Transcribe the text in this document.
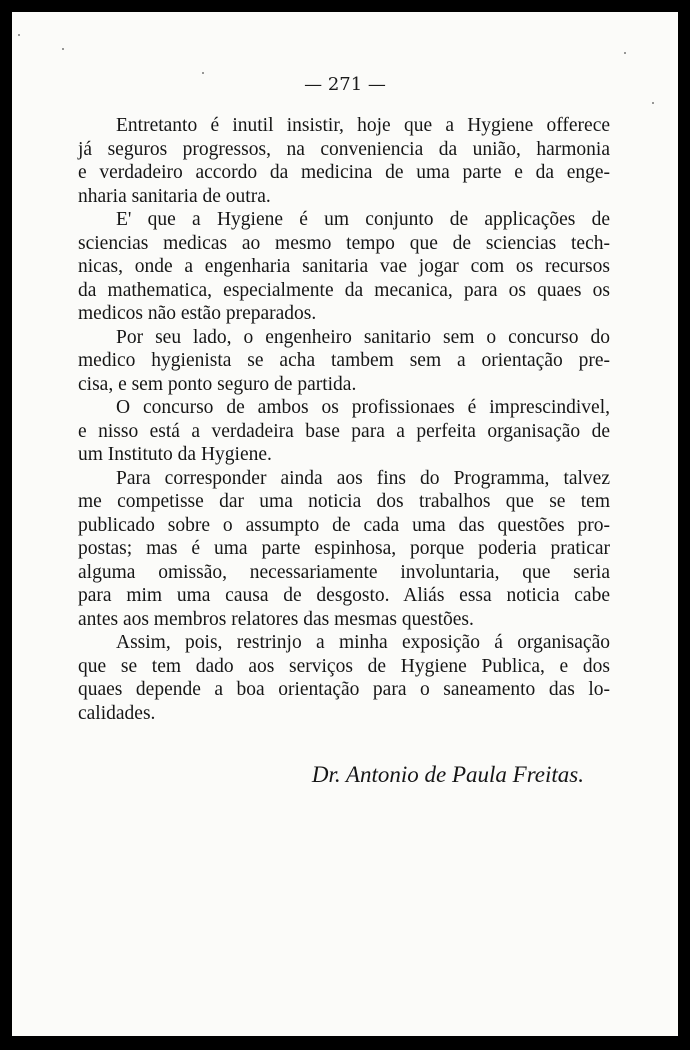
— 271 —
Entretanto é inutil insistir, hoje que a Hygiene offerece
já seguros progressos, na conveniencia da união, harmonia
e verdadeiro accordo da medicina de uma parte e da enge-
nharia sanitaria de outra.
E' que a Hygiene é um conjunto de applicações de
sciencias medicas ao mesmo tempo que de sciencias tech-
nicas, onde a engenharia sanitaria vae jogar com os recursos
da mathematica, especialmente da mecanica, para os quaes os
medicos não estão preparados.
Por seu lado, o engenheiro sanitario sem o concurso do
medico hygienista se acha tambem sem a orientação pre-
cisa, e sem ponto seguro de partida.
O concurso de ambos os profissionaes é imprescindivel,
e nisso está a verdadeira base para a perfeita organisação de
um Instituto da Hygiene.
Para corresponder ainda aos fins do Programma, talvez
me competisse dar uma noticia dos trabalhos que se tem
publicado sobre o assumpto de cada uma das questões pro-
postas; mas é uma parte espinhosa, porque poderia praticar
alguma omissão, necessariamente involuntaria, que seria
para mim uma causa de desgosto. Aliás essa noticia cabe
antes aos membros relatores das mesmas questões.
Assim, pois, restrinjo a minha exposição á organisação
que se tem dado aos serviços de Hygiene Publica, e dos
quaes depende a boa orientação para o saneamento das lo-
calidades.
Dr. Antonio de Paula Freitas.
